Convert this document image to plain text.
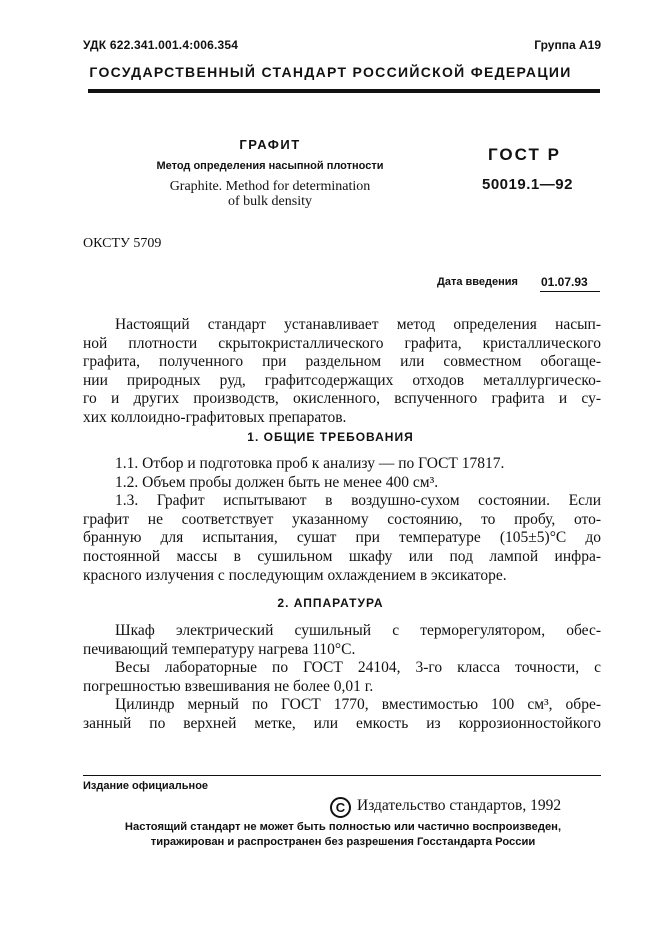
УДК 622.341.001.4:006.354	Группа А19
ГОСУДАРСТВЕННЫЙ СТАНДАРТ РОССИЙСКОЙ ФЕДЕРАЦИИ
ГРАФИТ
Метод определения насыпной плотности
Graphite. Method for determination
of bulk density
ГОСТ Р
50019.1—92
ОКСТУ 5709
Дата введения 01.07.93
Настоящий стандарт устанавливает метод определения насып-
ной плотности скрытокристаллического графита, кристаллического
графита, полученного при раздельном или совместном обогаще-
нии природных руд, графитсодержащих отходов металлургическо-
го и других производств, окисленного, вспученного графита и су-
хих коллоидно-графитовых препаратов.
1. ОБЩИЕ ТРЕБОВАНИЯ
1.1. Отбор и подготовка проб к анализу — по ГОСТ 17817.
1.2. Объем пробы должен быть не менее 400 см³.
1.3. Графит испытывают в воздушно-сухом состоянии. Если
графит не соответствует указанному состоянию, то пробу, ото-
бранную для испытания, сушат при температуре (105±5)°С до
постоянной массы в сушильном шкафу или под лампой инфра-
красного излучения с последующим охлаждением в эксикаторе.
2. АППАРАТУРА
Шкаф электрический сушильный с терморегулятором, обес-
печивающий температуру нагрева 110°С.
Весы лабораторные по ГОСТ 24104, 3-го класса точности, с
погрешностью взвешивания не более 0,01 г.
Цилиндр мерный по ГОСТ 1770, вместимостью 100 см³, обре-
занный по верхней метке, или емкость из коррозионностойкого
Издание официальное
C Издательство стандартов, 1992
Настоящий стандарт не может быть полностью или частично воспроизведен,
тиражирован и распространен без разрешения Госстандарта России
